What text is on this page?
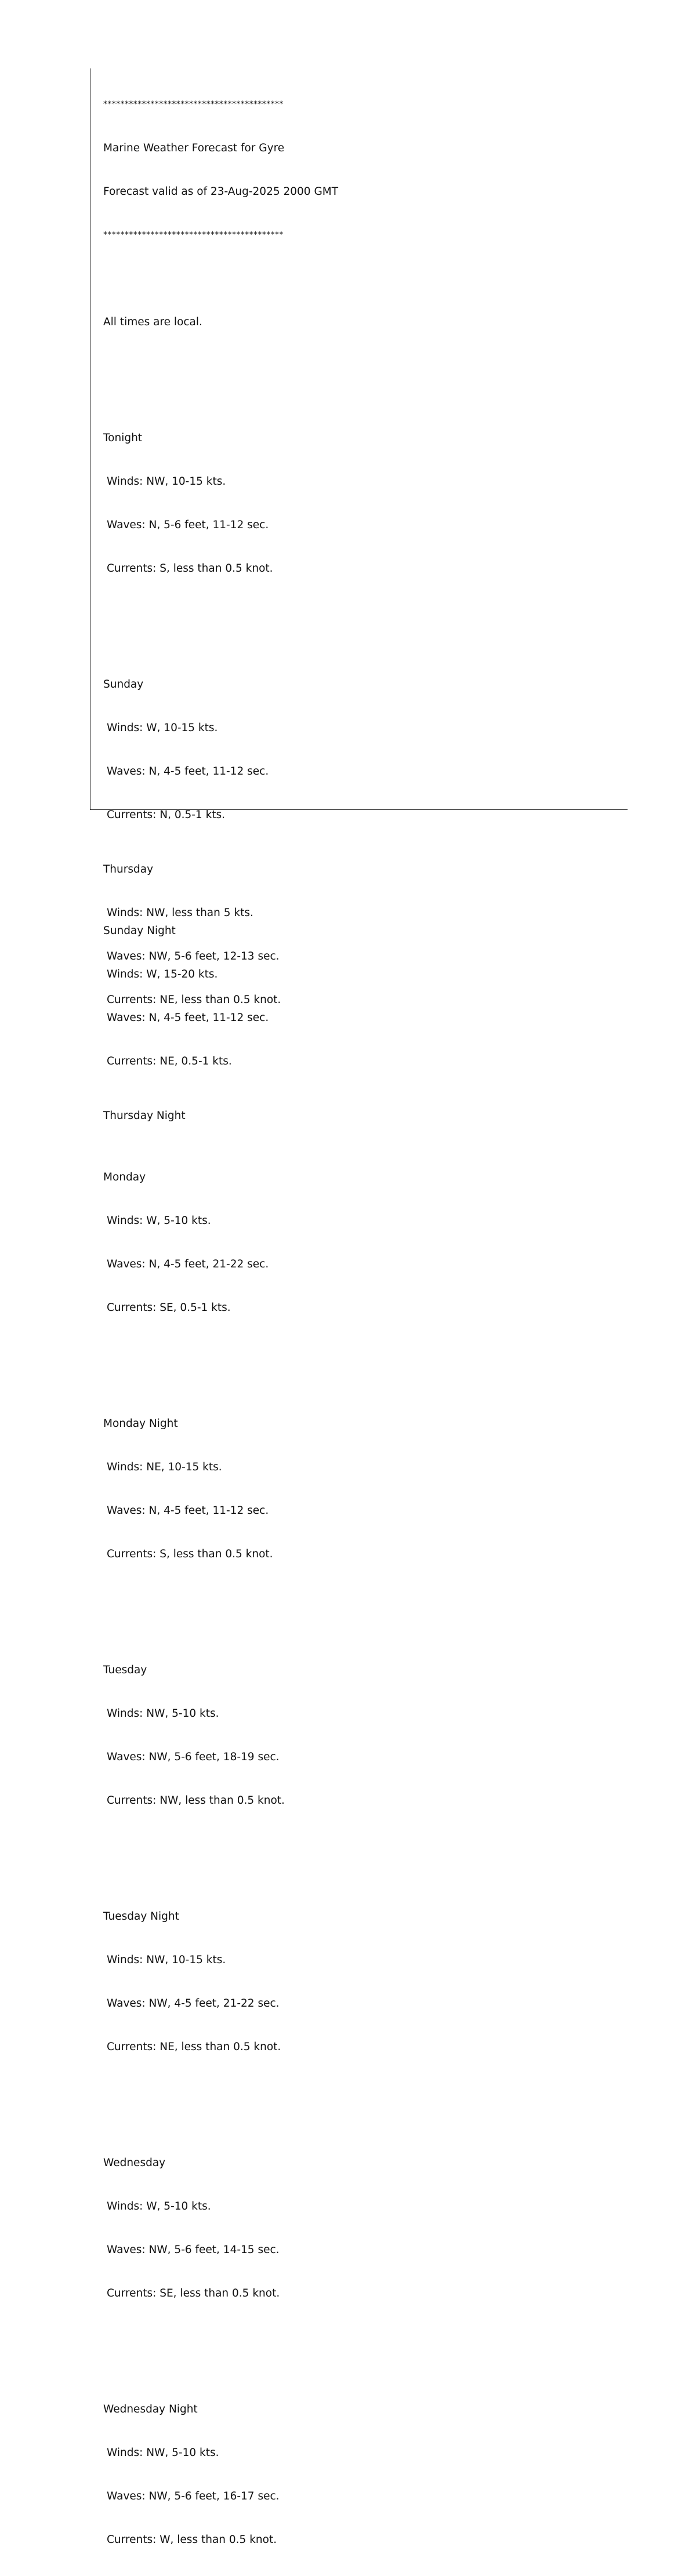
******************************************

Marine Weather Forecast for Gyre

Forecast valid as of 23-Aug-2025 2000 GMT

******************************************

All times are local.

Tonight

Winds: NW, 10-15 kts.

Waves: N, 5-6 feet, 11-12 sec.

Currents: S, less than 0.5 knot.

Sunday

Winds: W, 10-15 kts.

Waves: N, 4-5 feet, 11-12 sec.

Currents: N, 0.5-1 kts.

Sunday Night

Winds: W, 15-20 kts.

Waves: N, 4-5 feet, 11-12 sec.

Currents: NE, 0.5-1 kts.

Monday

Winds: W, 5-10 kts.

Waves: N, 4-5 feet, 21-22 sec.

Currents: SE, 0.5-1 kts.

Monday Night

Winds: NE, 10-15 kts.

Waves: N, 4-5 feet, 11-12 sec.

Currents: S, less than 0.5 knot.

Tuesday

Winds: NW, 5-10 kts.

Waves: NW, 5-6 feet, 18-19 sec.

Currents: NW, less than 0.5 knot.

Tuesday Night

Winds: NW, 10-15 kts.

Waves: NW, 4-5 feet, 21-22 sec.

Currents: NE, less than 0.5 knot.

Wednesday

Winds: W, 5-10 kts.

Waves: NW, 5-6 feet, 14-15 sec.

Currents: SE, less than 0.5 knot.

Wednesday Night

Winds: NW, 5-10 kts.

Waves: NW, 5-6 feet, 16-17 sec.

Currents: W, less than 0.5 knot.

Thursday

Winds: NW, less than 5 kts.

Waves: NW, 5-6 feet, 12-13 sec.

Currents: NE, less than 0.5 knot.

Thursday Night
